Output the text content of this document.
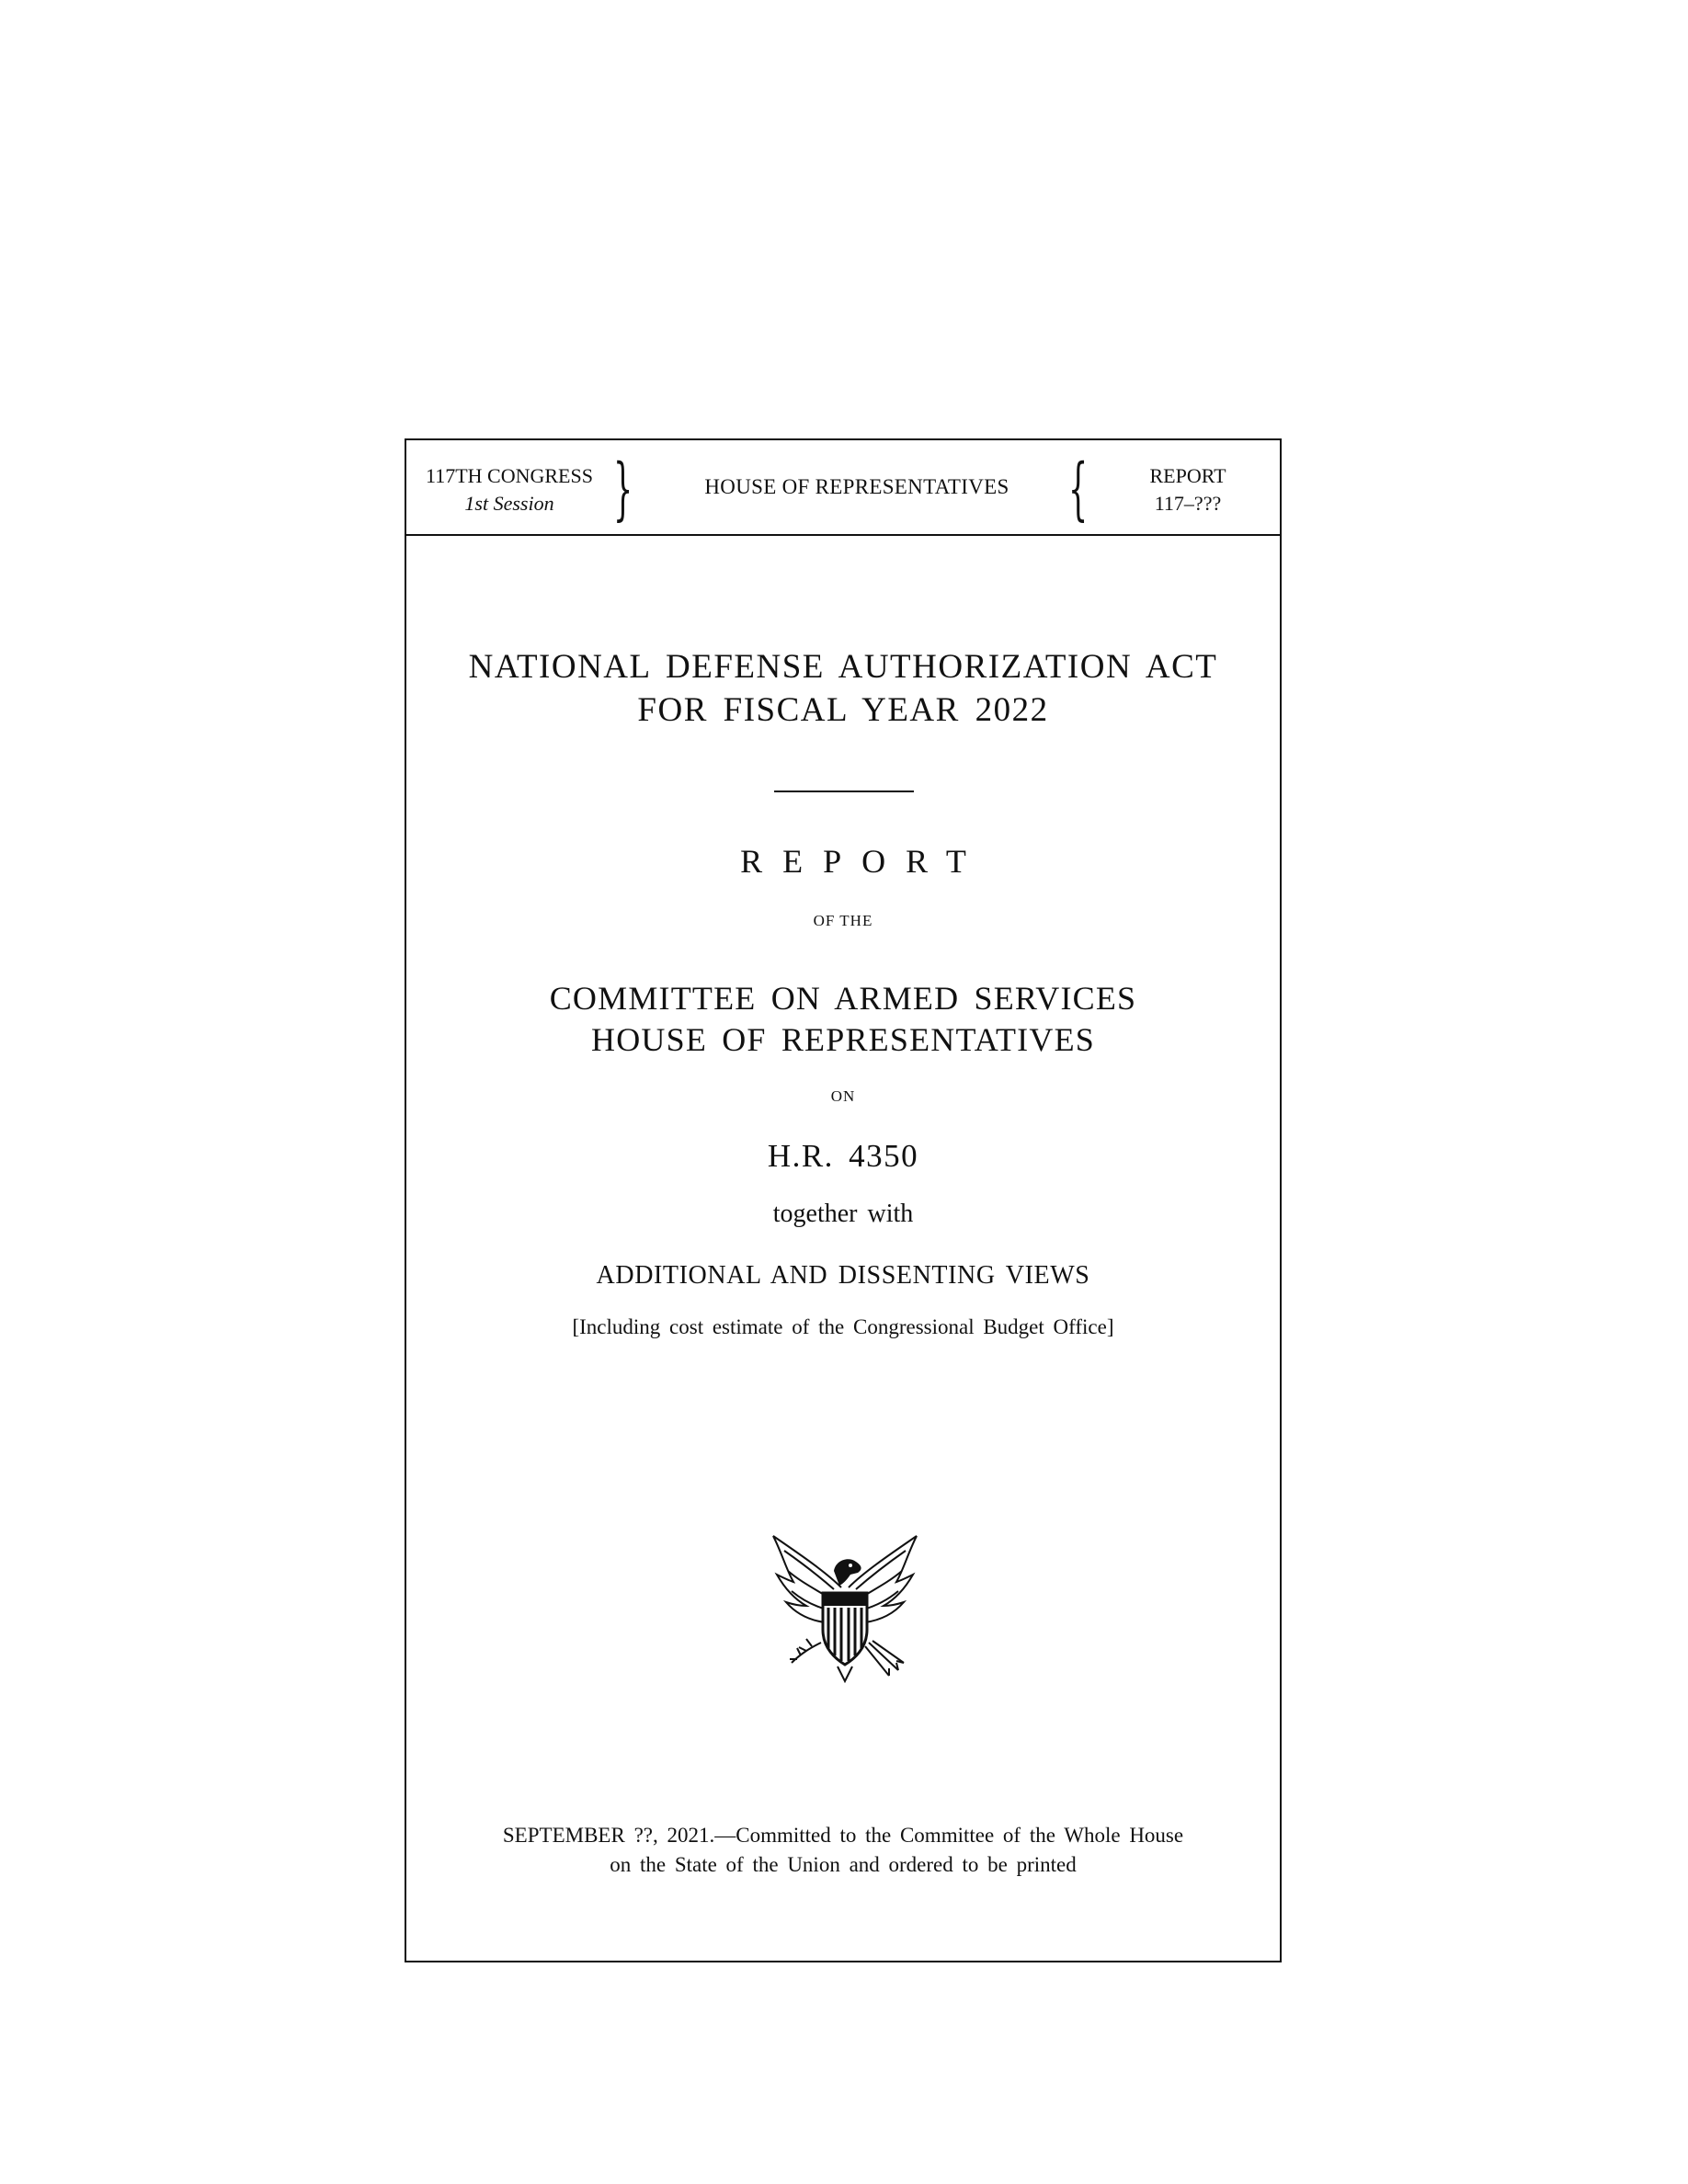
117TH CONGRESS
1st Session }	HOUSE OF REPRESENTATIVES {	REPORT
117–???
NATIONAL DEFENSE AUTHORIZATION ACT
FOR FISCAL YEAR 2022
REPORT
OF THE
COMMITTEE ON ARMED SERVICES
HOUSE OF REPRESENTATIVES
ON
H.R. 4350
together with
ADDITIONAL AND DISSENTING VIEWS
[Including cost estimate of the Congressional Budget Office]
SEPTEMBER ??, 2021.—Committed to the Committee of the Whole House
on the State of the Union and ordered to be printed
